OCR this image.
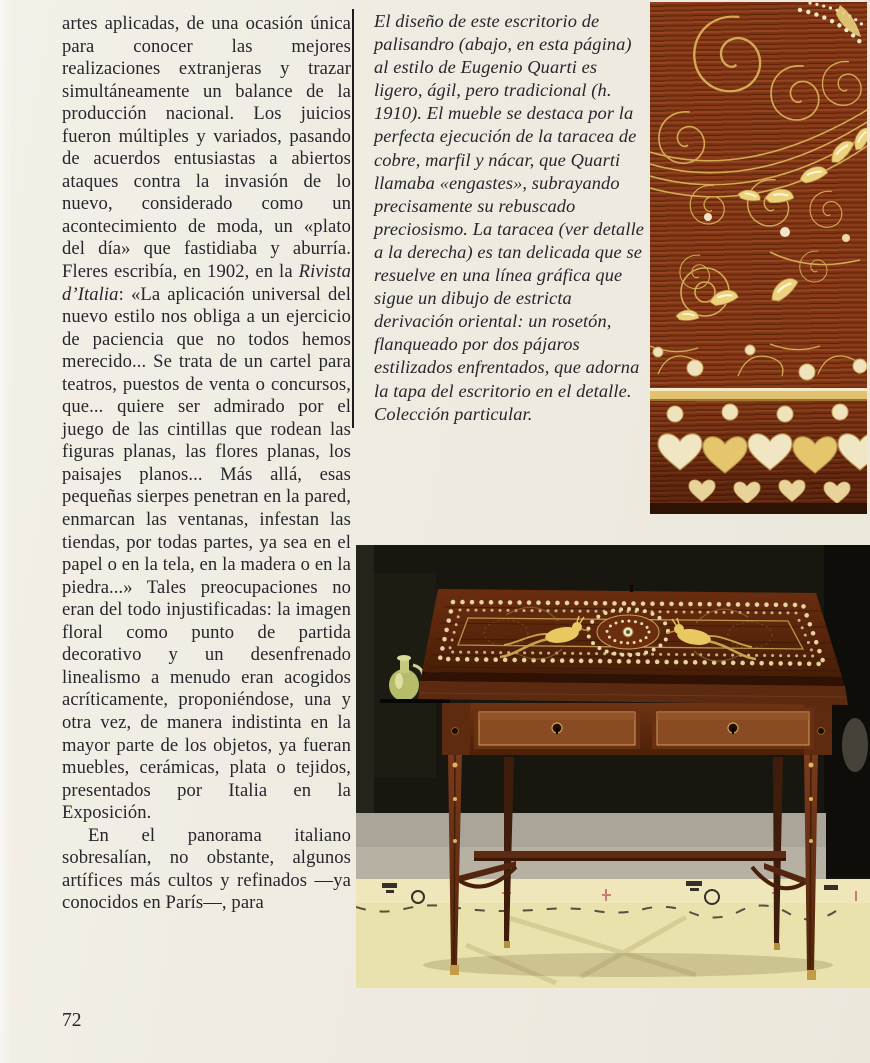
artes aplicadas, de una ocasión única para conocer las mejores realizaciones extranjeras y trazar simultáneamente un balance de la producción nacional. Los juicios fueron múltiples y variados, pasando de acuerdos entusiastas a abiertos ataques contra la invasión de lo nuevo, considerado como un acontecimiento de moda, un «plato del día» que fastidiaba y aburría. Fleres escribía, en 1902, en la Rivista d’Italia: «La aplicación universal del nuevo estilo nos obliga a un ejercicio de paciencia que no todos hemos merecido... Se trata de un cartel para teatros, puestos de venta o concursos, que... quiere ser admirado por el juego de las cintillas que rodean las figuras planas, las flores planas, los paisajes planos... Más allá, esas pequeñas sierpes penetran en la pared, enmarcan las ventanas, infestan las tiendas, por todas partes, ya sea en el papel o en la tela, en la madera o en la piedra...» Tales preocupaciones no eran del todo injustificadas: la imagen floral como punto de partida decorativo y un desenfrenado linealismo a menudo eran acogidos acríticamente, proponiéndose, una y otra vez, de manera indistinta en la mayor parte de los objetos, ya fueran muebles, cerámicas, plata o tejidos, presentados por Italia en la Exposición.

En el panorama italiano sobresalían, no obstante, algunos artífices más cultos y refinados —ya conocidos en París—, para

El diseño de este escritorio de palisandro (abajo, en esta página) al estilo de Eugenio Quarti es ligero, ágil, pero tradicional (h. 1910). El mueble se destaca por la perfecta ejecución de la taracea de cobre, marfil y nácar, que Quarti llamaba «engastes», subrayando precisamente su rebuscado preciosismo. La taracea (ver detalle a la derecha) es tan delicada que se resuelve en una línea gráfica que sigue un dibujo de estricta derivación oriental: un rosetón, flanqueado por dos pájaros estilizados enfrentados, que adorna la tapa del escritorio en el detalle. Colección particular.

72
